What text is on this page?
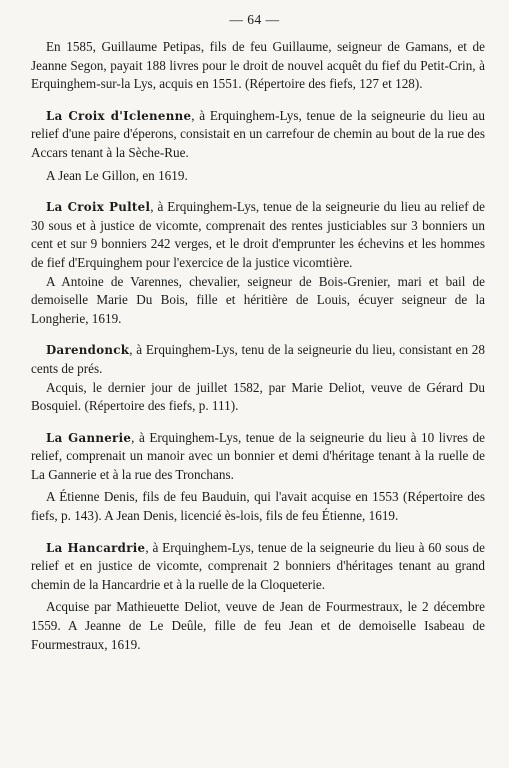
— 64 —

En 1585, Guillaume Petipas, fils de feu Guillaume, seigneur de Gamans, et de Jeanne Segon, payait 188 livres pour le droit de nouvel acquêt du fief du Petit-Crin, à Erquinghem-sur-la Lys, acquis en 1551. (Répertoire des fiefs, 127 et 128).

La Croix d'Iclenenne, à Erquinghem-Lys, tenue de la seigneurie du lieu au relief d'une paire d'éperons, consistait en un carrefour de chemin au bout de la rue des Accars tenant à la Sèche-Rue.

A Jean Le Gillon, en 1619.

La Croix Pultel, à Erquinghem-Lys, tenue de la seigneurie du lieu au relief de 30 sous et à justice de vicomte, comprenait des rentes justiciables sur 3 bonniers un cent et sur 9 bonniers 242 verges, et le droit d'emprunter les échevins et les hommes de fief d'Erquinghem pour l'exercice de la justice vicomtière.

A Antoine de Varennes, chevalier, seigneur de Bois-Grenier, mari et bail de demoiselle Marie Du Bois, fille et héritière de Louis, écuyer seigneur de la Longherie, 1619.

Darendonck, à Erquinghem-Lys, tenu de la seigneurie du lieu, consistant en 28 cents de prés.

Acquis, le dernier jour de juillet 1582, par Marie Deliot, veuve de Gérard Du Bosquiel. (Répertoire des fiefs, p. 111).

La Gannerie, à Erquinghem-Lys, tenue de la seigneurie du lieu à 10 livres de relief, comprenait un manoir avec un bonnier et demi d'héritage tenant à la ruelle de La Gannerie et à la rue des Tronchans.

A Étienne Denis, fils de feu Bauduin, qui l'avait acquise en 1553 (Répertoire des fiefs, p. 143). A Jean Denis, licencié ès-lois, fils de feu Étienne, 1619.

La Hancardrie, à Erquinghem-Lys, tenue de la seigneurie du lieu à 60 sous de relief et en justice de vicomte, comprenait 2 bonniers d'héritages tenant au grand chemin de la Hancardrie et à la ruelle de la Cloqueterie.

Acquise par Mathieuette Deliot, veuve de Jean de Fourmestraux, le 2 décembre 1559. A Jeanne de Le Deûle, fille de feu Jean et de demoiselle Isabeau de Fourmestraux, 1619.
